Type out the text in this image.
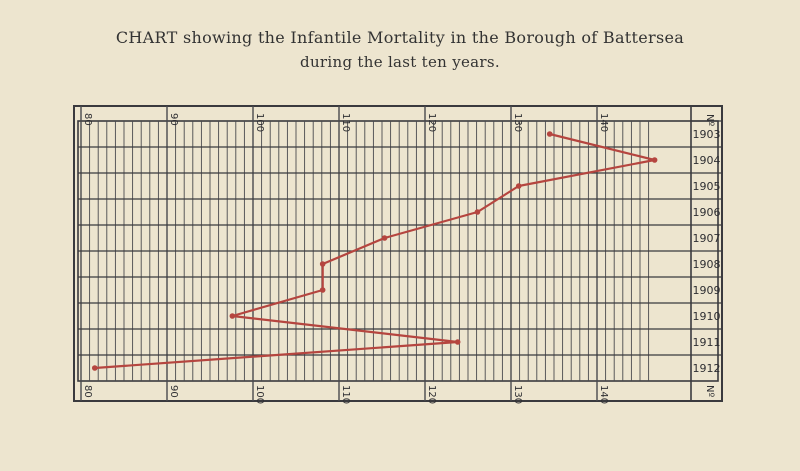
CHART showing the Infantile Mortality in the Borough of Battersea
during the last ten years.
80
80
90
90
100
100
110
110
120
120
130
130
140
140
1903
1904
1905
1906
1907
1908
1909
1910
1911
1912
Nº
Nº
